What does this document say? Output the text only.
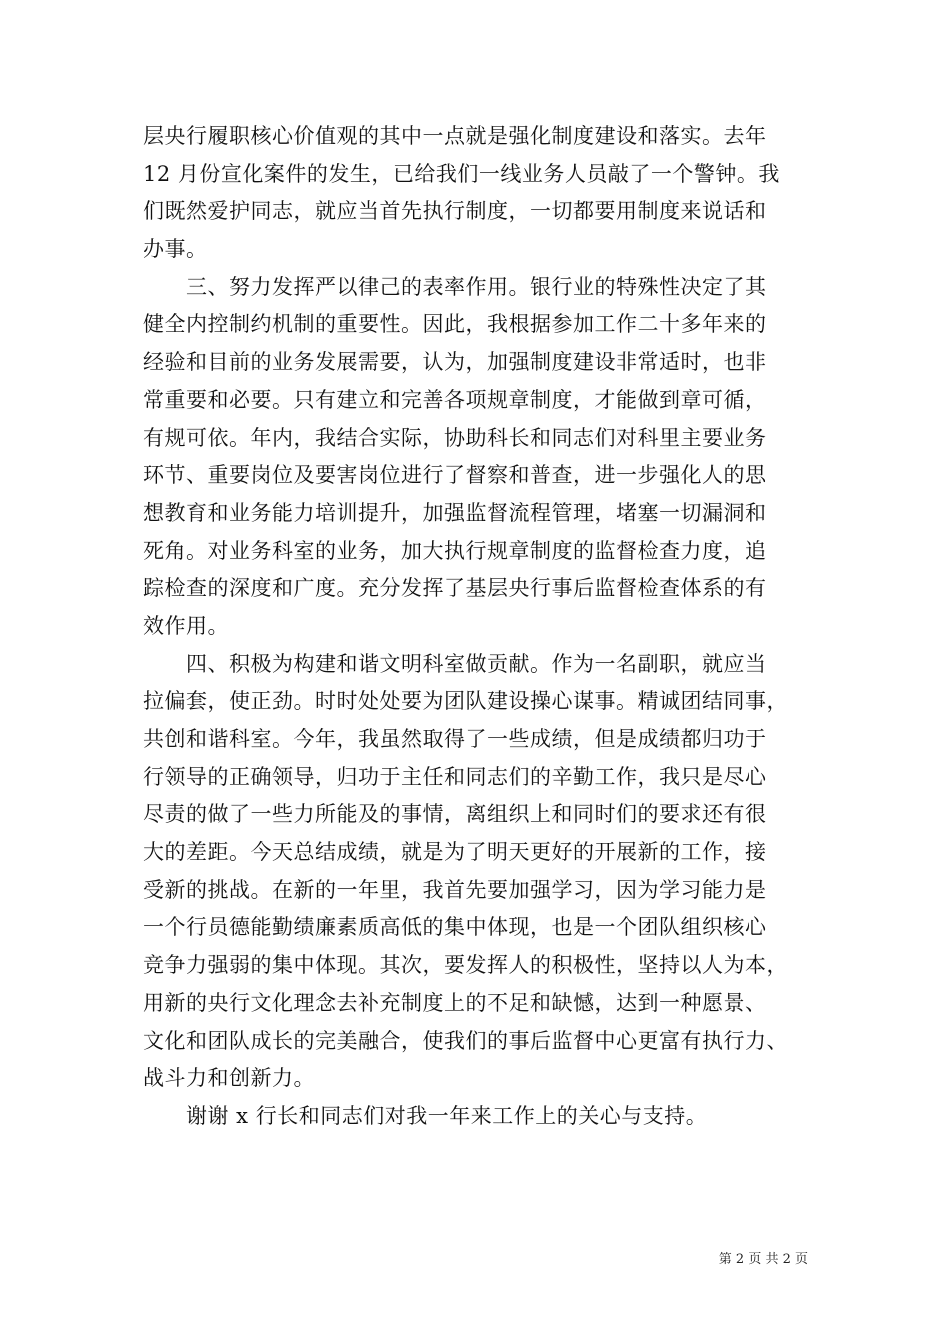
层央行履职核心价值观的其中一点就是强化制度建设和落实。去年
12 月份宣化案件的发生，已给我们一线业务人员敲了一个警钟。我
们既然爱护同志，就应当首先执行制度，一切都要用制度来说话和
办事。
　　三、努力发挥严以律己的表率作用。银行业的特殊性决定了其
健全内控制约机制的重要性。因此，我根据参加工作二十多年来的
经验和目前的业务发展需要，认为，加强制度建设非常适时，也非
常重要和必要。只有建立和完善各项规章制度，才能做到章可循，
有规可依。年内，我结合实际，协助科长和同志们对科里主要业务
环节、重要岗位及要害岗位进行了督察和普查，进一步强化人的思
想教育和业务能力培训提升，加强监督流程管理，堵塞一切漏洞和
死角。对业务科室的业务，加大执行规章制度的监督检查力度，追
踪检查的深度和广度。充分发挥了基层央行事后监督检查体系的有
效作用。
　　四、积极为构建和谐文明科室做贡献。作为一名副职，就应当
拉偏套，使正劲。时时处处要为团队建设操心谋事。精诚团结同事，
共创和谐科室。今年，我虽然取得了一些成绩，但是成绩都归功于
行领导的正确领导，归功于主任和同志们的辛勤工作，我只是尽心
尽责的做了一些力所能及的事情，离组织上和同时们的要求还有很
大的差距。今天总结成绩，就是为了明天更好的开展新的工作，接
受新的挑战。在新的一年里，我首先要加强学习，因为学习能力是
一个行员德能勤绩廉素质高低的集中体现，也是一个团队组织核心
竞争力强弱的集中体现。其次，要发挥人的积极性，坚持以人为本，
用新的央行文化理念去补充制度上的不足和缺憾，达到一种愿景、
文化和团队成长的完美融合，使我们的事后监督中心更富有执行力、
战斗力和创新力。
　　谢谢 x 行长和同志们对我一年来工作上的关心与支持。
第 2 页 共 2 页
